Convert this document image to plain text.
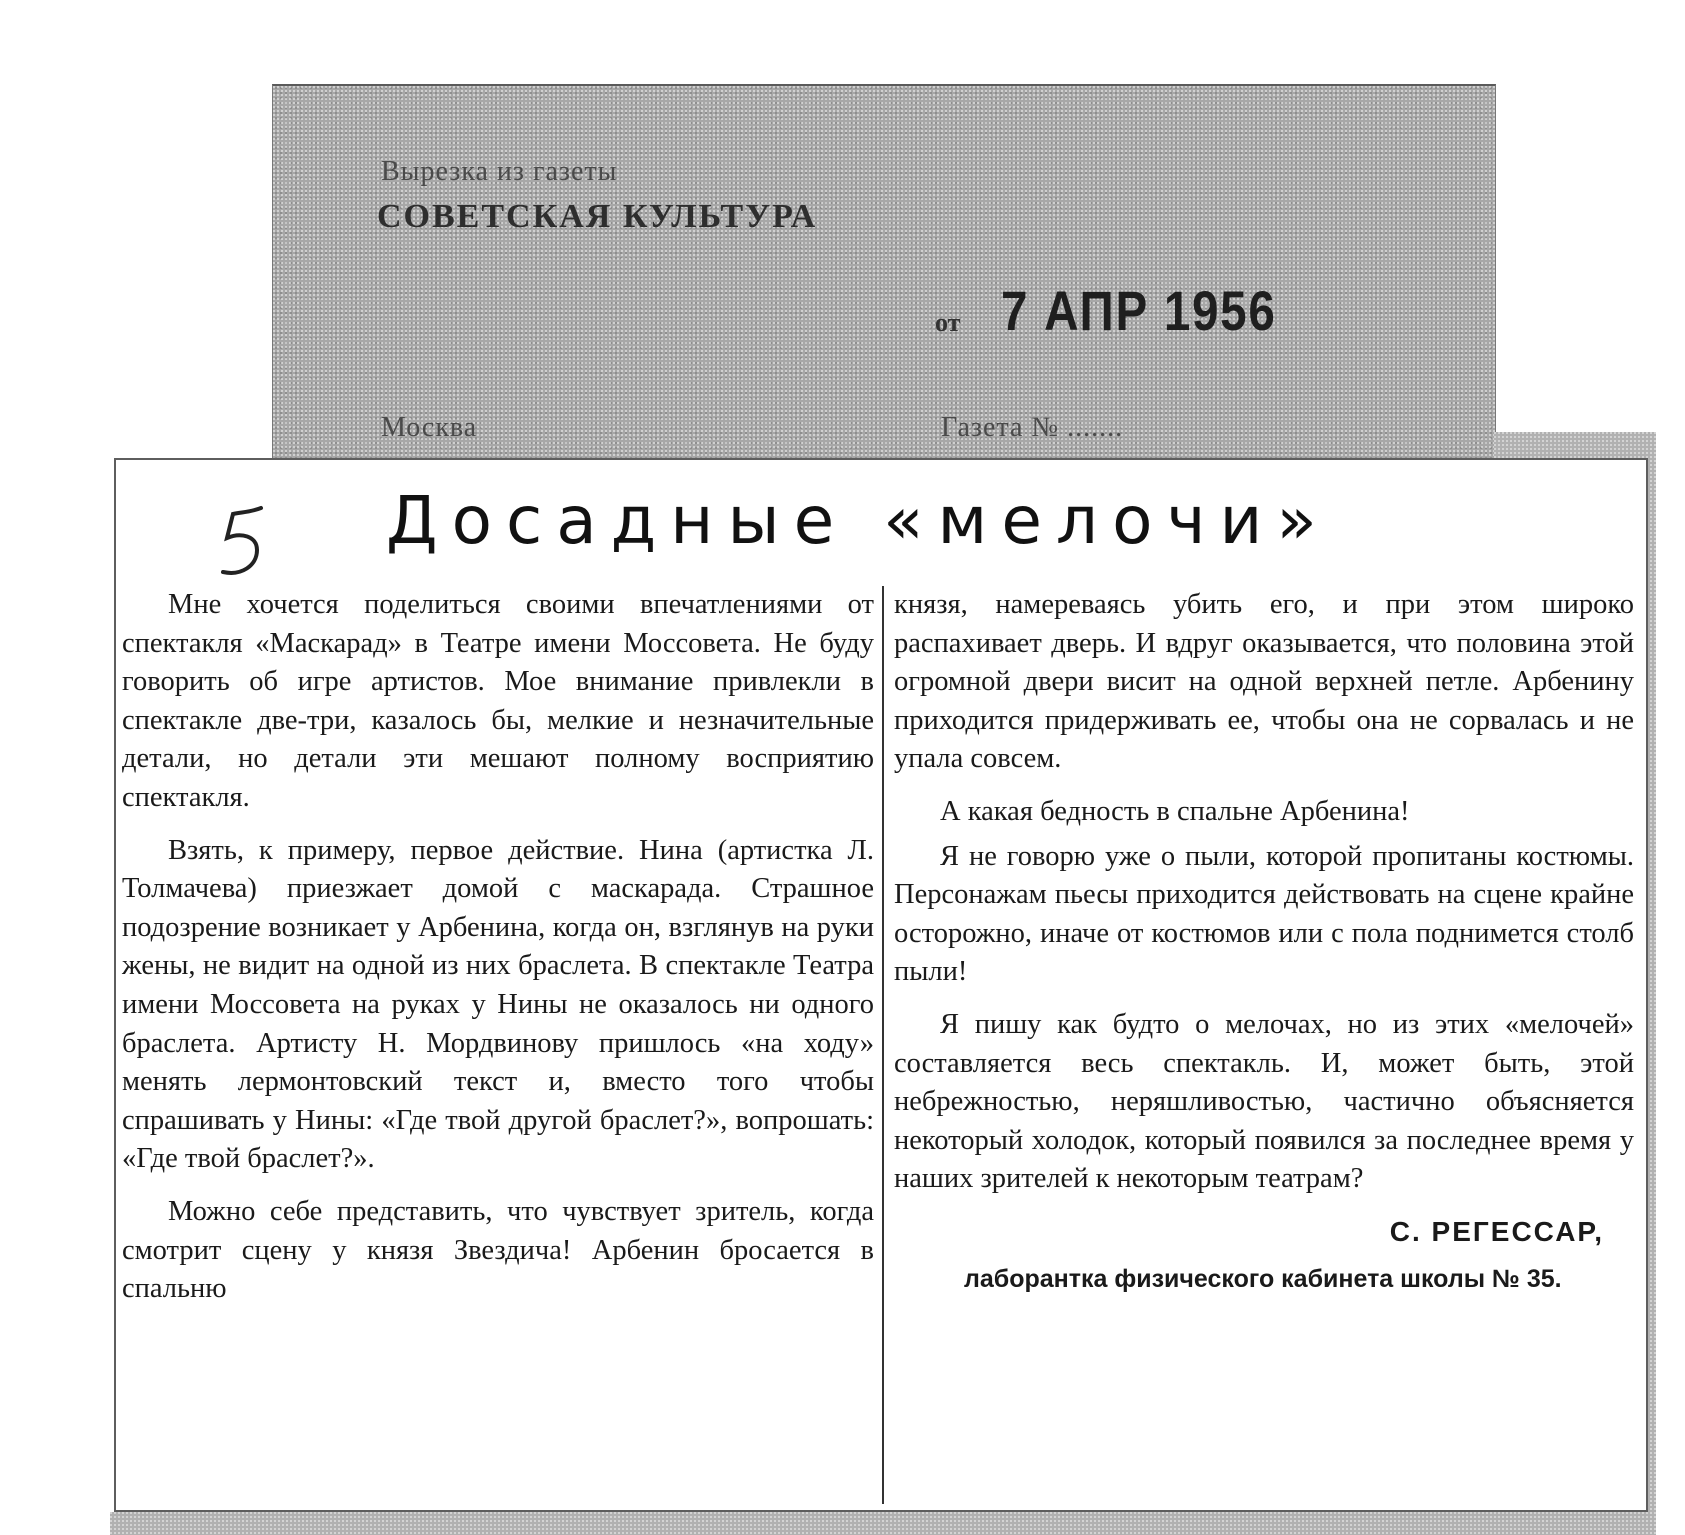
Вырезка из газеты
СОВЕТСКАЯ КУЛЬТУРА
от 7 АПР 1956
Москва	Газета № .......
Досадные «мелочи»

Мне хочется поделиться своими впечатлениями от спектакля «Маскарад» в Театре имени Моссовета. Не буду говорить об игре артистов. Мое внимание привлекли в спектакле две-три, казалось бы, мелкие и незначительные детали, но детали эти мешают полному восприятию спектакля.

Взять, к примеру, первое действие. Нина (артистка Л. Толмачева) приезжает домой с маскарада. Страшное подозрение возникает у Арбенина, когда он, взглянув на руки жены, не видит на одной из них браслета. В спектакле Театра имени Моссовета на руках у Нины не оказалось ни одного браслета. Артисту Н. Мордвинову пришлось «на ходу» менять лермонтовский текст и, вместо того чтобы спрашивать у Нины: «Где твой другой браслет?», вопрошать: «Где твой браслет?».

Можно себе представить, что чувствует зритель, когда смотрит сцену у князя Звездича! Арбенин бросается в спальню

князя, намереваясь убить его, и при этом широко распахивает дверь. И вдруг оказывается, что половина этой огромной двери висит на одной верхней петле. Арбенину приходится придерживать ее, чтобы она не сорвалась и не упала совсем.

А какая бедность в спальне Арбенина!

Я не говорю уже о пыли, которой пропитаны костюмы. Персонажам пьесы приходится действовать на сцене крайне осторожно, иначе от костюмов или с пола поднимется столб пыли!

Я пишу как будто о мелочах, но из этих «мелочей» составляется весь спектакль. И, может быть, этой небрежностью, неряшливостью, частично объясняется некоторый холодок, который появился за последнее время у наших зрителей к некоторым театрам?

С. РЕГЕССАР,
лаборантка физического кабинета школы № 35.
